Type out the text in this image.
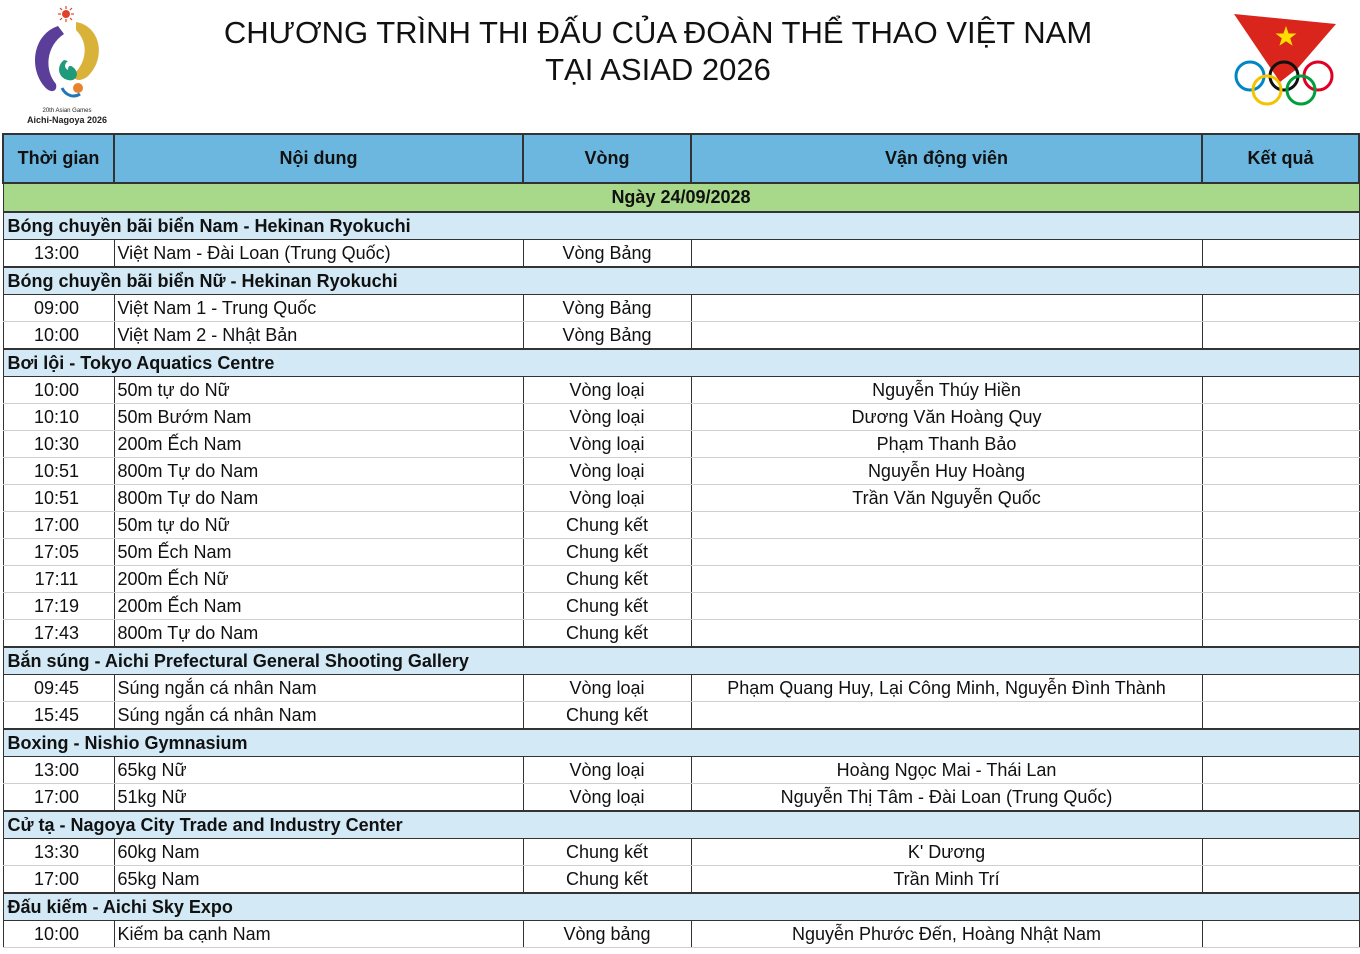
20th Asian Games
Aichi-Nagoya 2026
CHƯƠNG TRÌNH THI ĐẤU CỦA ĐOÀN THỂ THAO VIỆT NAM
TẠI ASIAD 2026
Thời gian	Nội dung	Vòng	Vận động viên	Kết quả
Ngày 24/09/2028				
Bóng chuyền bãi biển Nam - Hekinan Ryokuchi				
13:00	Việt Nam - Đài Loan (Trung Quốc)	Vòng Bảng		
Bóng chuyền bãi biển Nữ - Hekinan Ryokuchi				
09:00	Việt Nam 1 - Trung Quốc	Vòng Bảng		
10:00	Việt Nam 2 - Nhật Bản	Vòng Bảng		
Bơi lội - Tokyo Aquatics Centre				
10:00	50m tự do Nữ	Vòng loại	Nguyễn Thúy Hiền	
10:10	50m Bướm Nam	Vòng loại	Dương Văn Hoàng Quy	
10:30	200m Ếch Nam	Vòng loại	Phạm Thanh Bảo	
10:51	800m Tự do Nam	Vòng loại	Nguyễn Huy Hoàng	
10:51	800m Tự do Nam	Vòng loại	Trần Văn Nguyễn Quốc	
17:00	50m tự do Nữ	Chung kết		
17:05	50m Ếch Nam	Chung kết		
17:11	200m Ếch Nữ	Chung kết		
17:19	200m Ếch Nam	Chung kết		
17:43	800m Tự do Nam	Chung kết		
Bắn súng - Aichi Prefectural General Shooting Gallery				
09:45	Súng ngắn cá nhân Nam	Vòng loại	Phạm Quang Huy, Lại Công Minh, Nguyễn Đình Thành	
15:45	Súng ngắn cá nhân Nam	Chung kết		
Boxing - Nishio Gymnasium				
13:00	65kg Nữ	Vòng loại	Hoàng Ngọc Mai - Thái Lan	
17:00	51kg Nữ	Vòng loại	Nguyễn Thị Tâm - Đài Loan (Trung Quốc)	
Cử tạ - Nagoya City Trade and Industry Center				
13:30	60kg Nam	Chung kết	K' Dương	
17:00	65kg Nam	Chung kết	Trần Minh Trí	
Đấu kiếm - Aichi Sky Expo				
10:00	Kiếm ba cạnh Nam	Vòng bảng	Nguyễn Phước Đến, Hoàng Nhật Nam	
